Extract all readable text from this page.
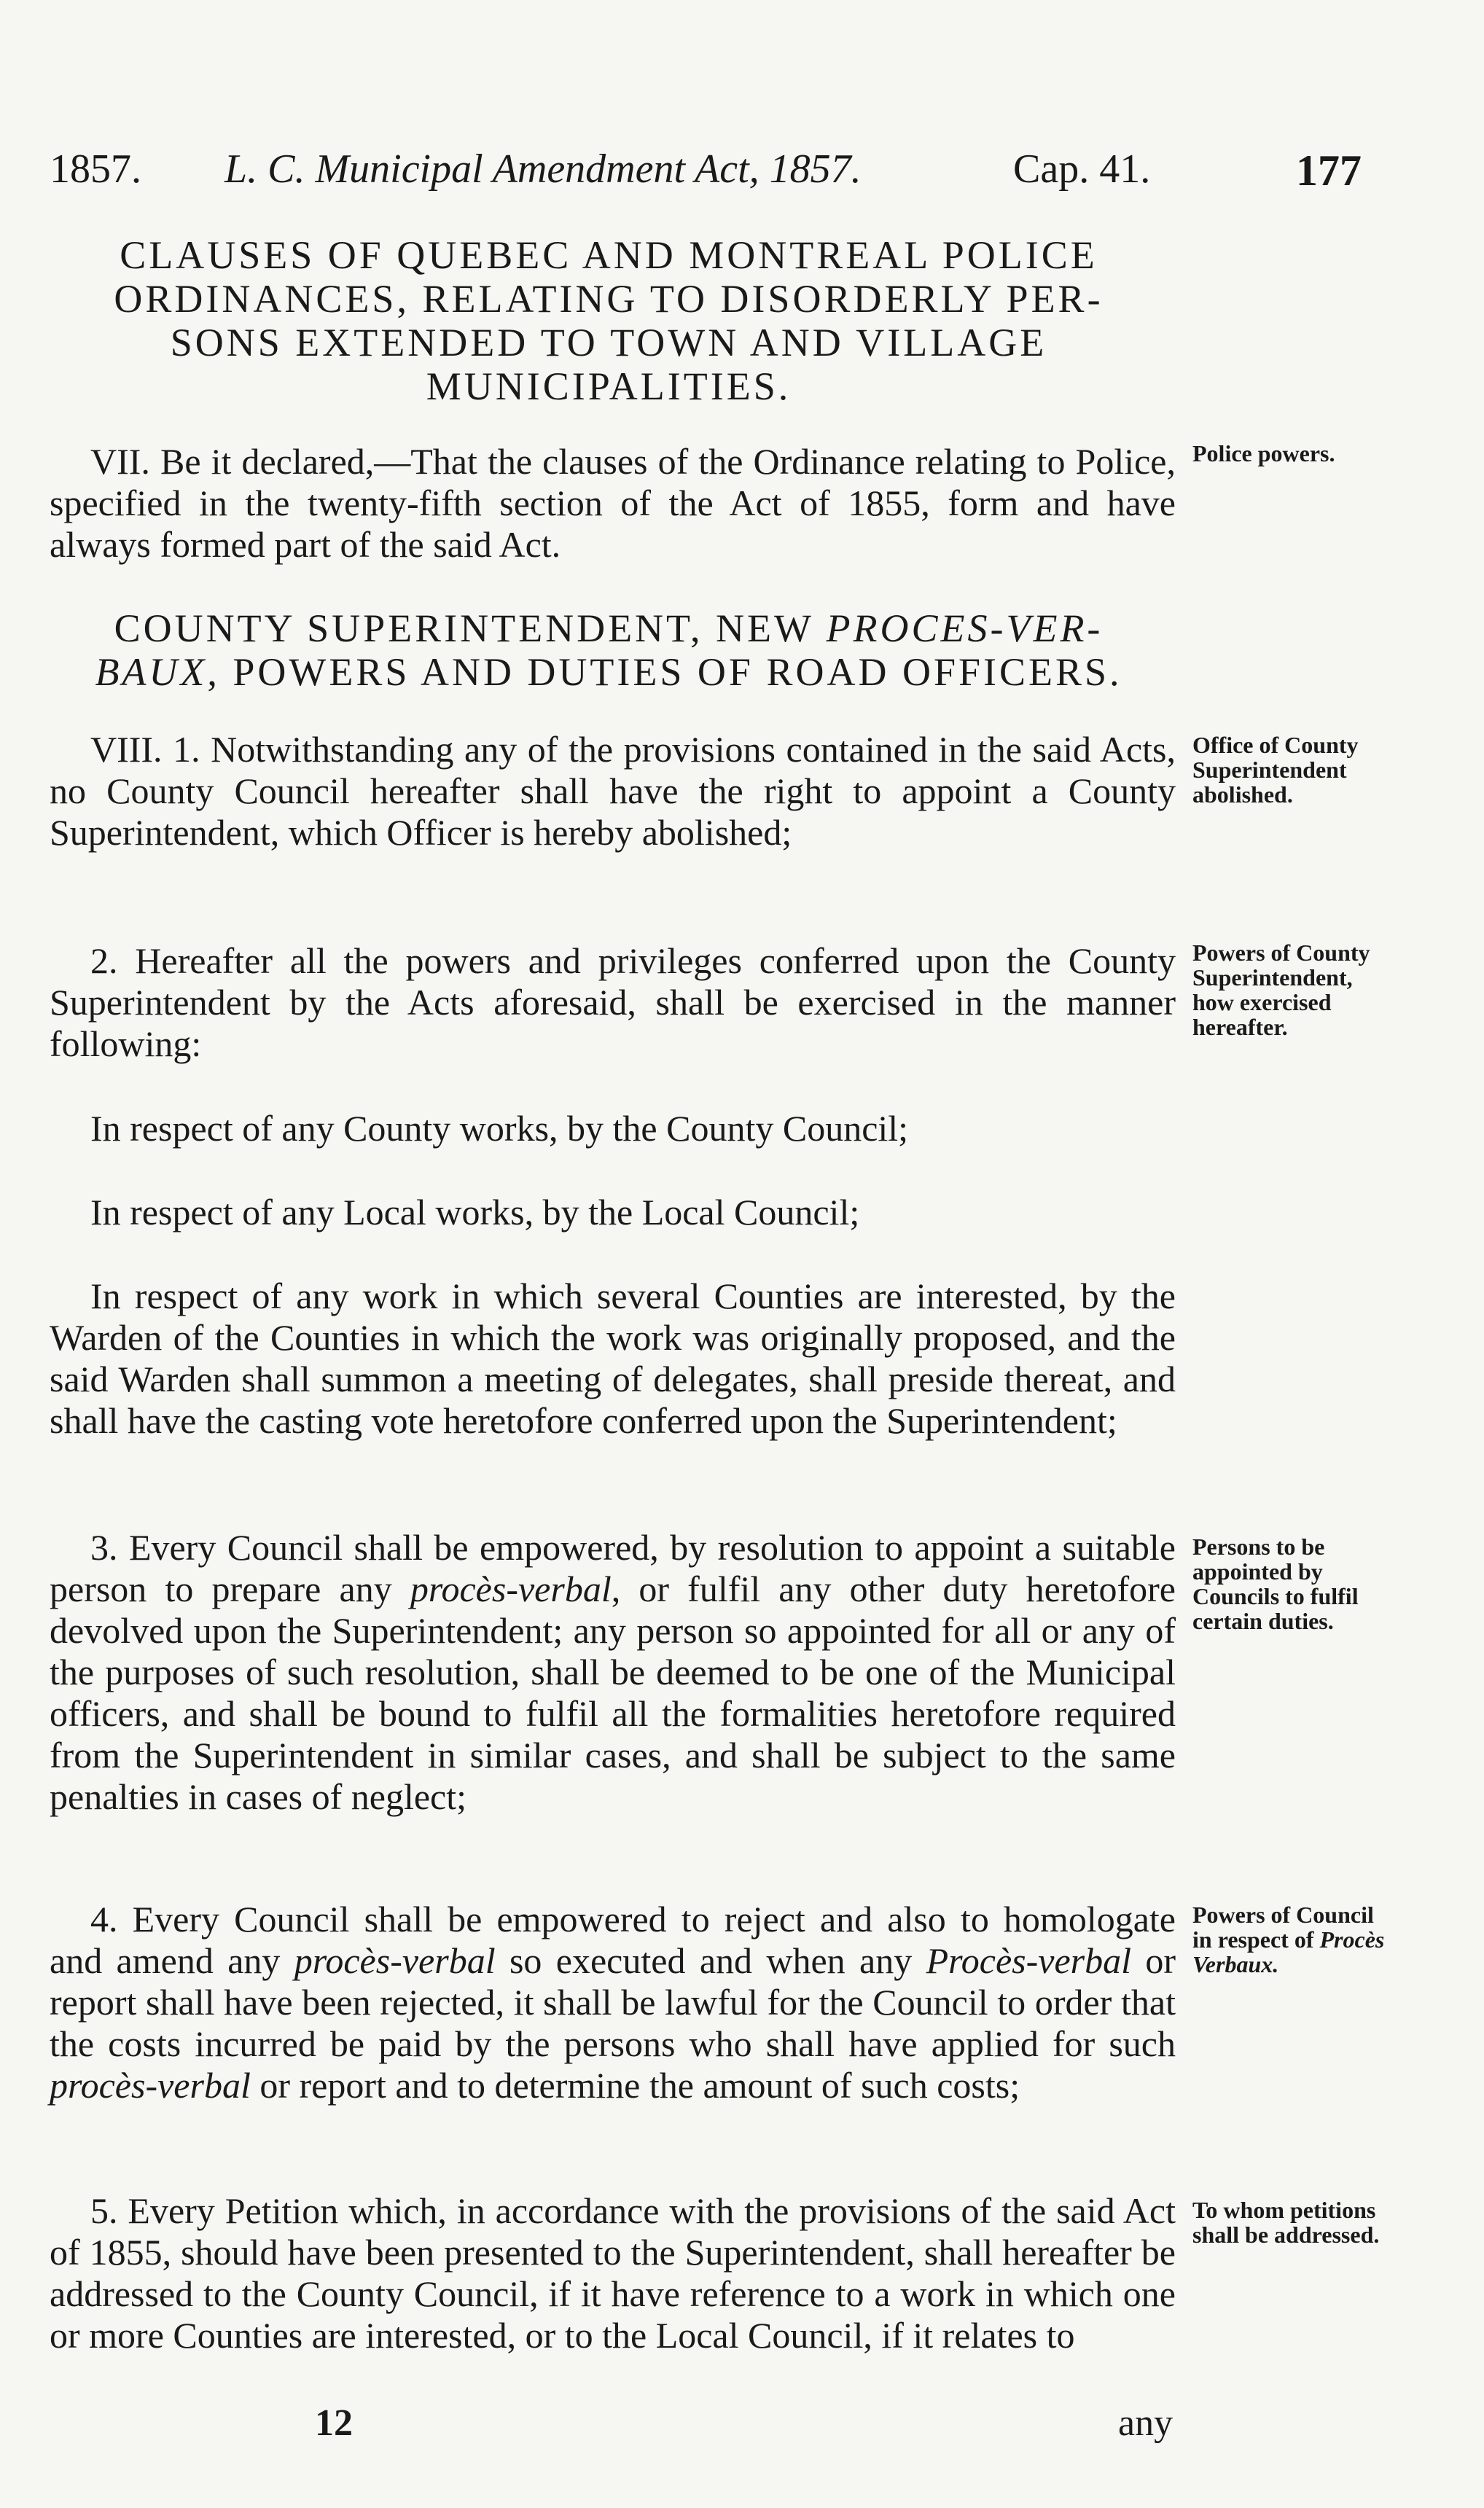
1857. L. C. Municipal Amendment Act, 1857.	Cap. 41.	177
CLAUSES OF QUEBEC AND MONTREAL POLICE
ORDINANCES, RELATING TO DISORDERLY PER-
SONS EXTENDED TO TOWN AND VILLAGE
MUNICIPALITIES.

VII. Be it declared,—That the clauses of the Ordinance relating to Police, specified in the twenty-fifth section of the Act of 1855, form and have always formed part of the said Act.

Police powers.

COUNTY SUPERINTENDENT, NEW PROCES-VER-
BAUX, POWERS AND DUTIES OF ROAD OFFICERS.

VIII. 1. Notwithstanding any of the provisions contained in the said Acts, no County Council hereafter shall have the right to appoint a County Superintendent, which Officer is hereby abolished;

Office of County Superintendent abolished.

2. Hereafter all the powers and privileges conferred upon the County Superintendent by the Acts aforesaid, shall be exercised in the manner following:

Powers of County Superintendent, how exercised hereafter.

In respect of any County works, by the County Council;

In respect of any Local works, by the Local Council;

In respect of any work in which several Counties are interested, by the Warden of the Counties in which the work was originally proposed, and the said Warden shall summon a meeting of delegates, shall preside thereat, and shall have the casting vote heretofore conferred upon the Superintendent;

3. Every Council shall be empowered, by resolution to appoint a suitable person to prepare any procès-verbal, or fulfil any other duty heretofore devolved upon the Superintendent; any person so appointed for all or any of the purposes of such resolution, shall be deemed to be one of the Municipal officers, and shall be bound to fulfil all the formalities heretofore required from the Superintendent in similar cases, and shall be subject to the same penalties in cases of neglect;

Persons to be appointed by Councils to fulfil certain duties.

4. Every Council shall be empowered to reject and also to homologate and amend any procès-verbal so executed and when any Procès-verbal or report shall have been rejected, it shall be lawful for the Council to order that the costs incurred be paid by the persons who shall have applied for such procès-verbal or report and to determine the amount of such costs;

Powers of Council in respect of Procès Verbaux.

5. Every Petition which, in accordance with the provisions of the said Act of 1855, should have been presented to the Superintendent, shall hereafter be addressed to the County Council, if it have reference to a work in which one or more Counties are interested, or to the Local Council, if it relates to

To whom petitions shall be addressed.

12	any
